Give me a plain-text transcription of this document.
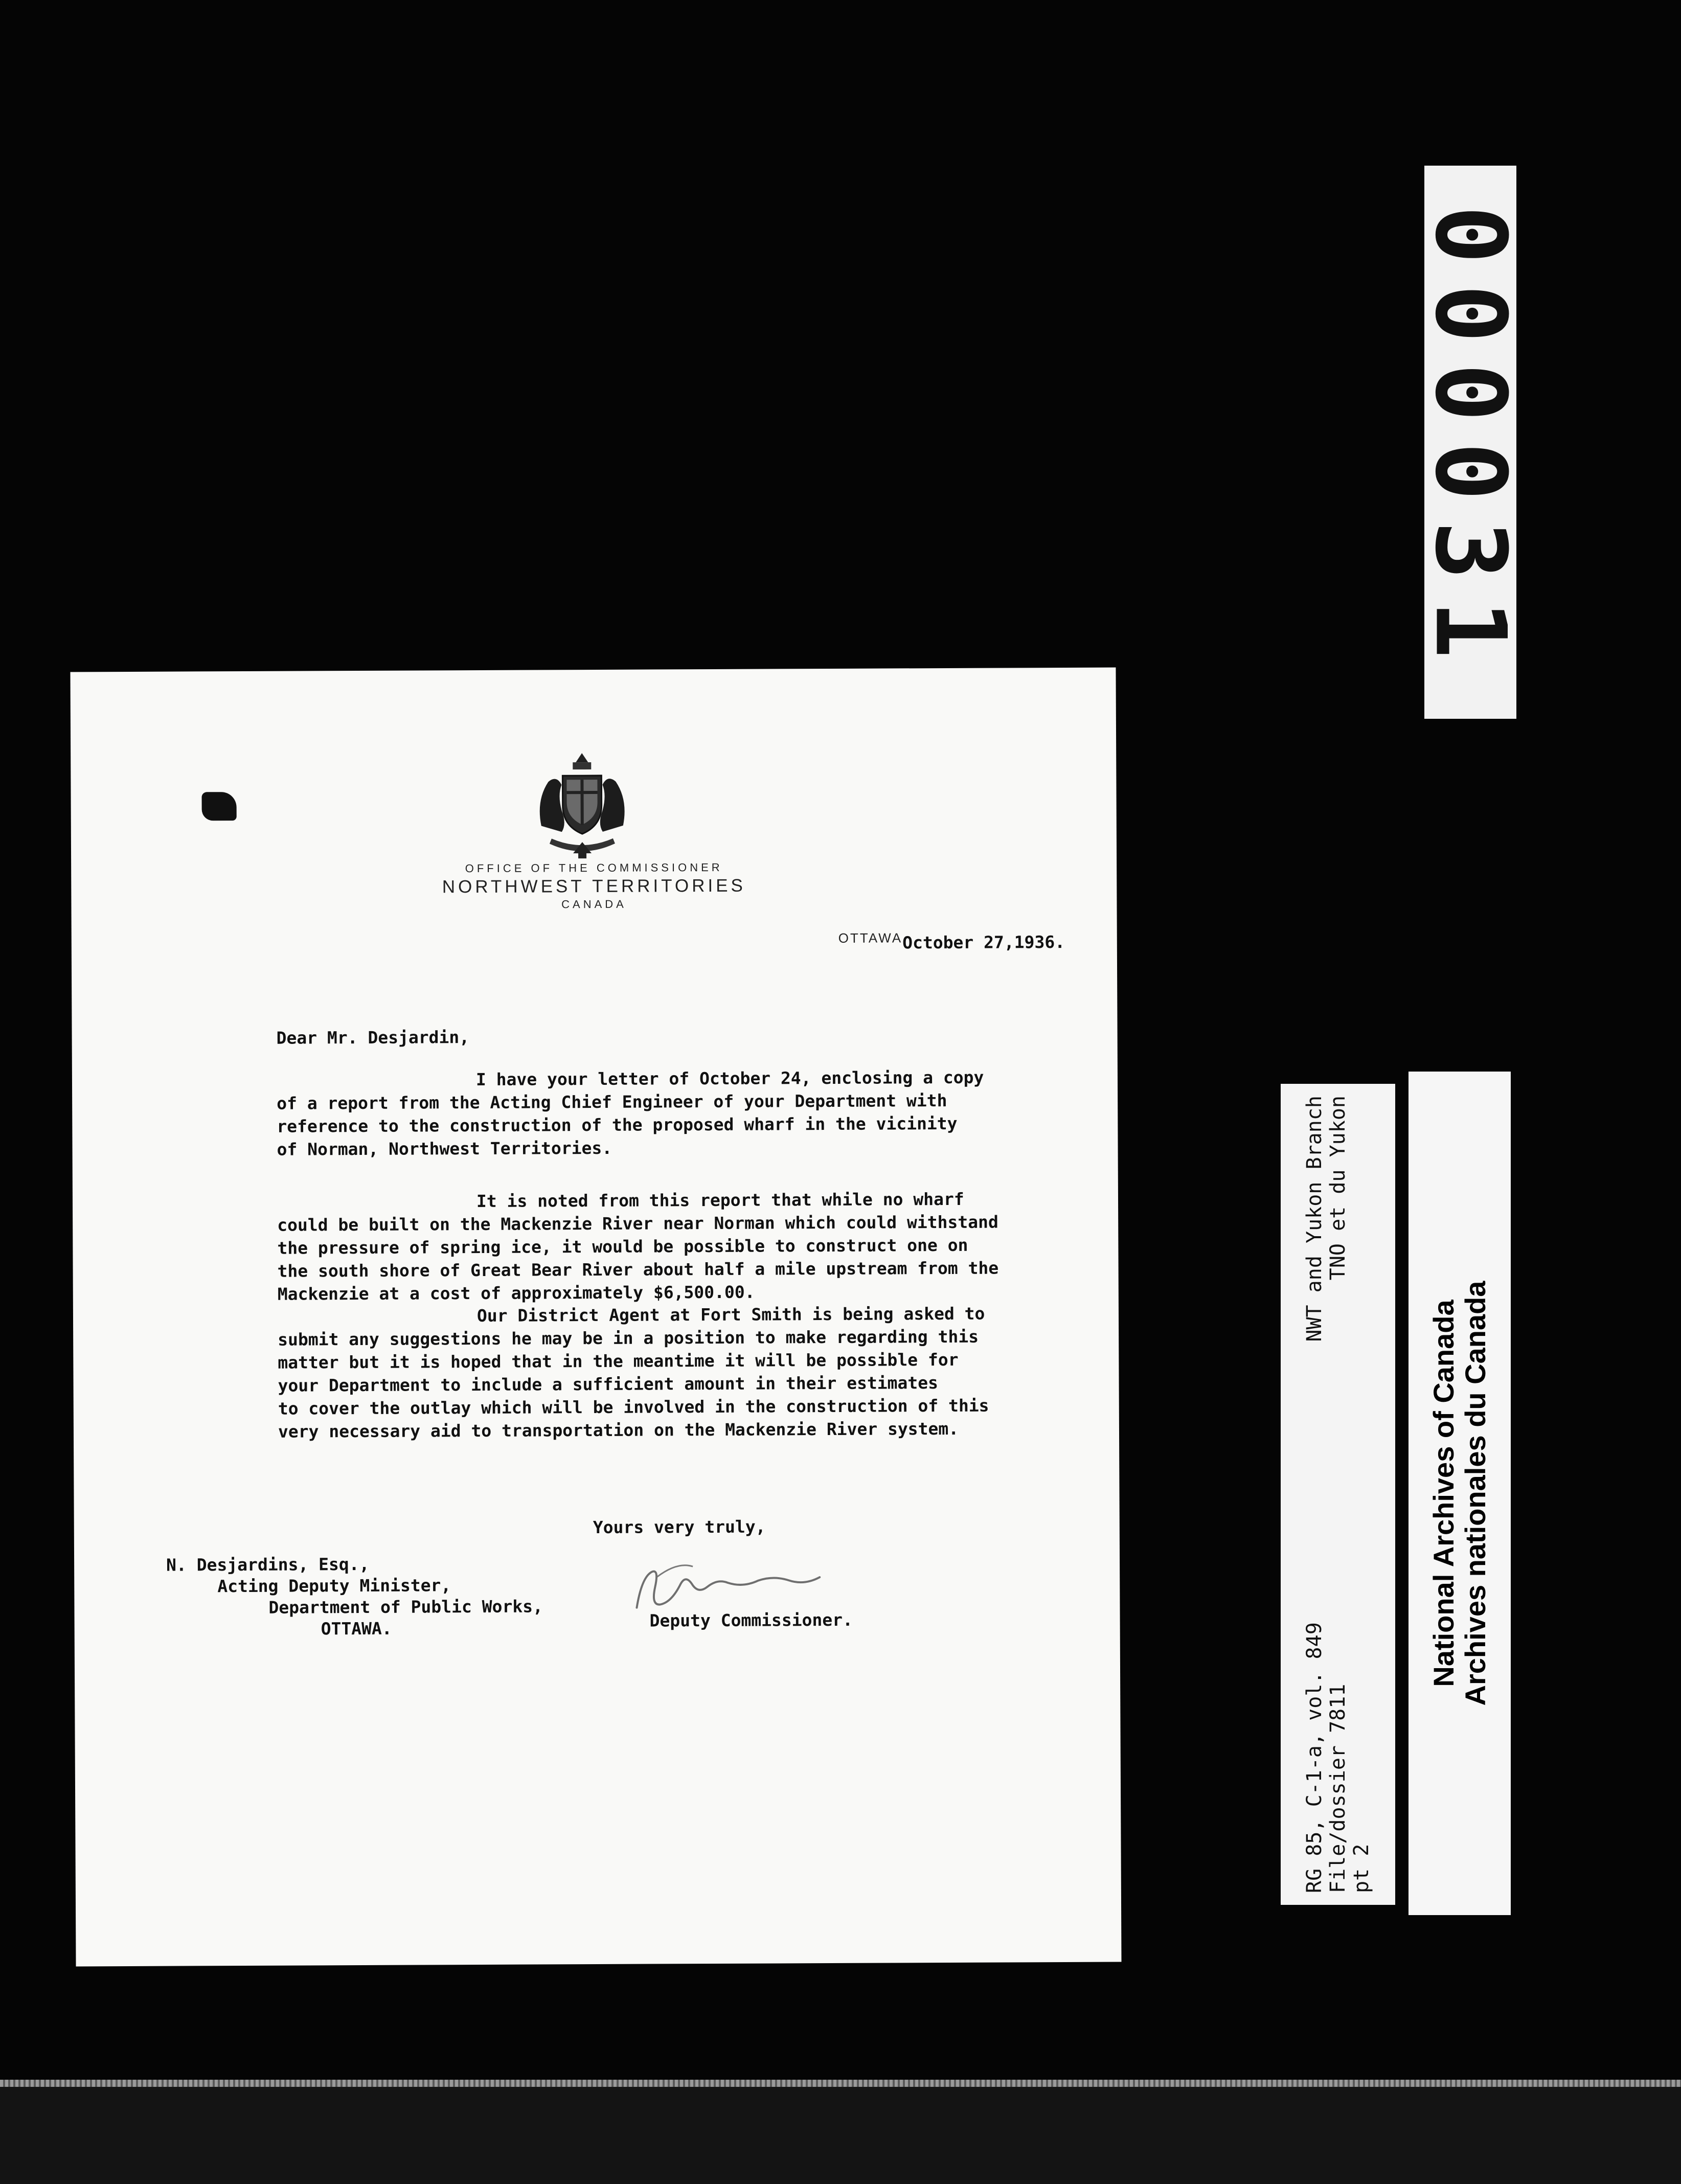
000031
RG 85, C-1-a, vol. 849
NWT and Yukon Branch
File/dossier 7811
TNO et du Yukon
pt 2
National Archives of Canada Archives nationales du Canada
OFFICE OF THE COMMISSIONER
NORTHWEST TERRITORIES
CANADA
OTTAWAOctober 27,1936.
Dear Mr. Desjardin,
I have your letter of October 24, enclosing a copy
of a report from the Acting Chief Engineer of your Department with
reference to the construction of the proposed wharf in the vicinity
of Norman, Northwest Territories.
It is noted from this report that while no wharf
could be built on the Mackenzie River near Norman which could withstand
the pressure of spring ice, it would be possible to construct one on
the south shore of Great Bear River about half a mile upstream from the
Mackenzie at a cost of approximately $6,500.00.
Our District Agent at Fort Smith is being asked to
submit any suggestions he may be in a position to make regarding this
matter but it is hoped that in the meantime it will be possible for
your Department to include a sufficient amount in their estimates
to cover the outlay which will be involved in the construction of this
very necessary aid to transportation on the Mackenzie River system.
Yours very truly,
Deputy Commissioner.
N. Desjardins, Esq.,
Acting Deputy Minister,
Department of Public Works,
OTTAWA.
